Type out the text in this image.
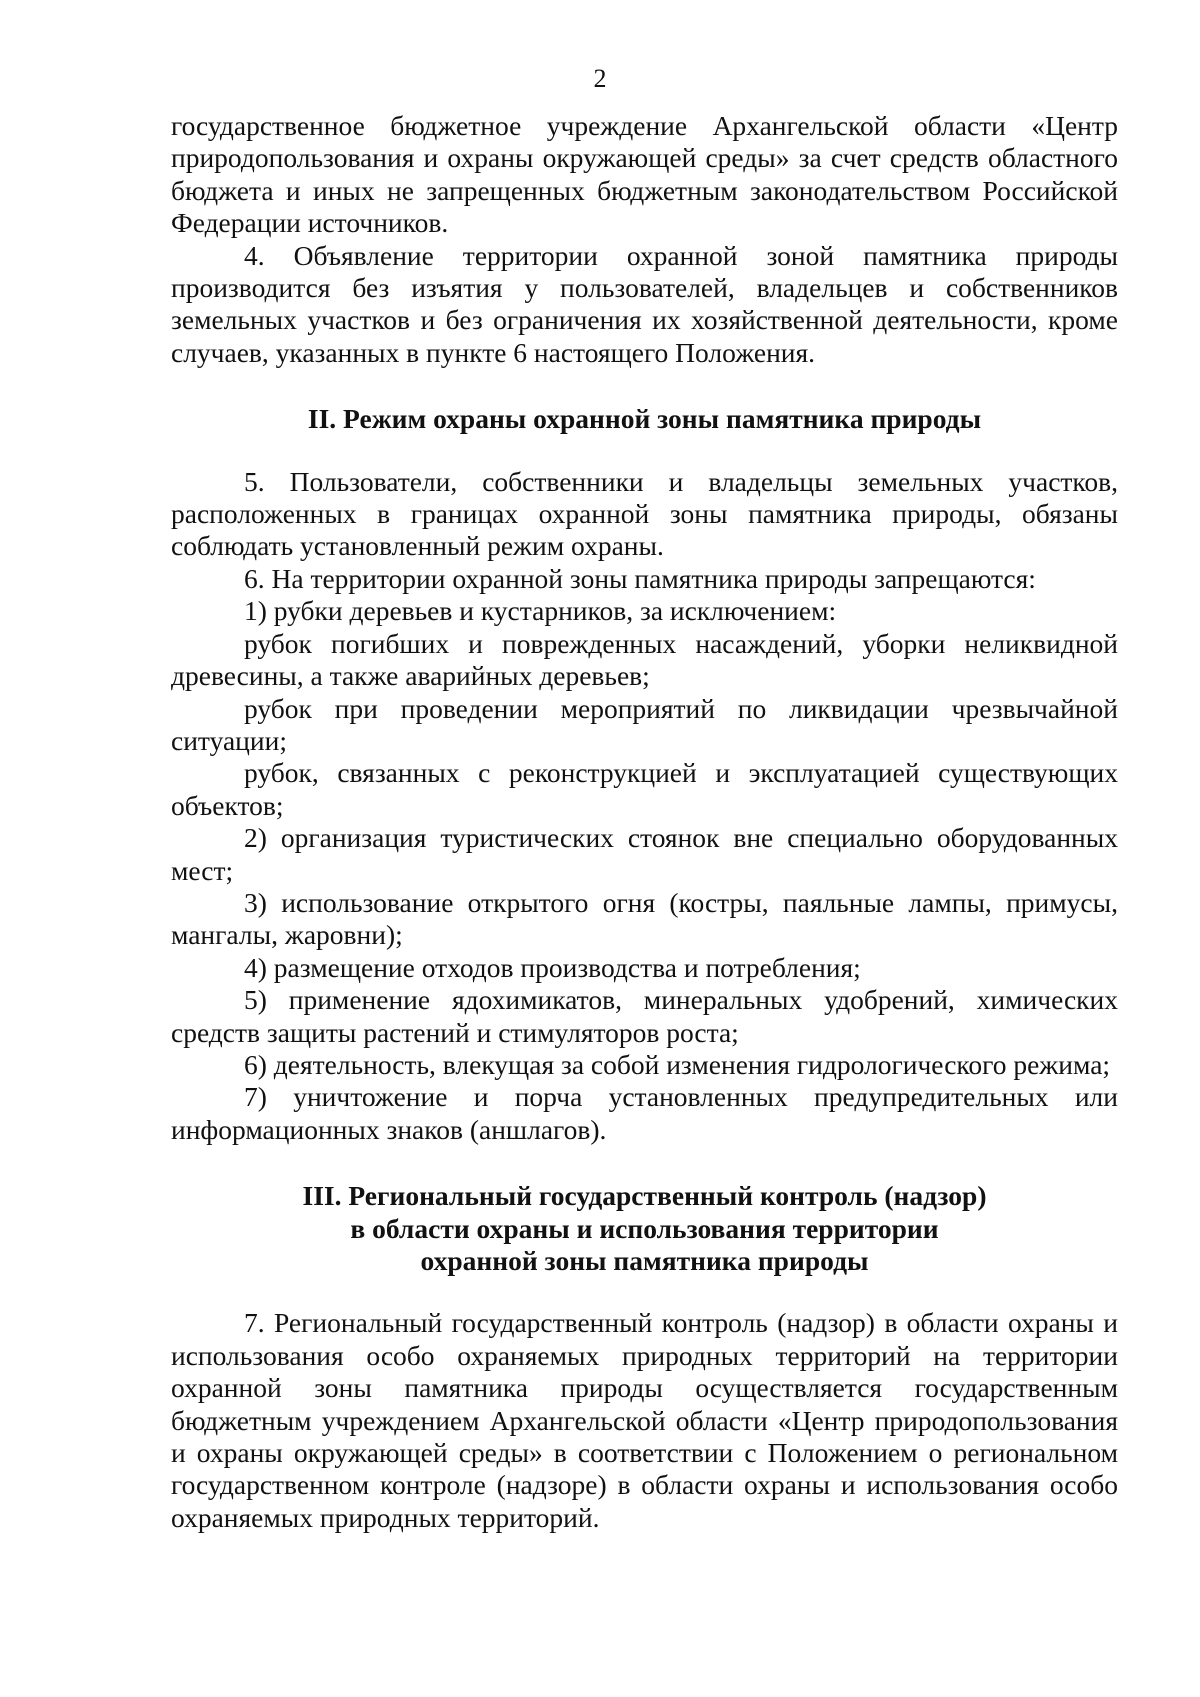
2

государственное бюджетное учреждение Архангельской области «Центр природопользования и охраны окружающей среды» за счет средств областного бюджета и иных не запрещенных бюджетным законодательством Российской Федерации источников.

4. Объявление территории охранной зоной памятника природы производится без изъятия у пользователей, владельцев и собственников земельных участков и без ограничения их хозяйственной деятельности, кроме случаев, указанных в пункте 6 настоящего Положения.

II. Режим охраны охранной зоны памятника природы

5. Пользователи, собственники и владельцы земельных участков, расположенных в границах охранной зоны памятника природы, обязаны соблюдать установленный режим охраны.

6. На территории охранной зоны памятника природы запрещаются:

1) рубки деревьев и кустарников, за исключением:

рубок погибших и поврежденных насаждений, уборки неликвидной древесины, а также аварийных деревьев;

рубок при проведении мероприятий по ликвидации чрезвычайной ситуации;

рубок, связанных с реконструкцией и эксплуатацией существующих объектов;

2) организация туристических стоянок вне специально оборудованных мест;

3) использование открытого огня (костры, паяльные лампы, примусы, мангалы, жаровни);

4) размещение отходов производства и потребления;

5) применение ядохимикатов, минеральных удобрений, химических средств защиты растений и стимуляторов роста;

6) деятельность, влекущая за собой изменения гидрологического режима;

7) уничтожение и порча установленных предупредительных или информационных знаков (аншлагов).

III. Региональный государственный контроль (надзор)
в области охраны и использования территории
охранной зоны памятника природы

7. Региональный государственный контроль (надзор) в области охраны и использования особо охраняемых природных территорий на территории охранной зоны памятника природы осуществляется государственным бюджетным учреждением Архангельской области «Центр природопользования и охраны окружающей среды» в соответствии с Положением о региональном государственном контроле (надзоре) в области охраны и использования особо охраняемых природных территорий.
